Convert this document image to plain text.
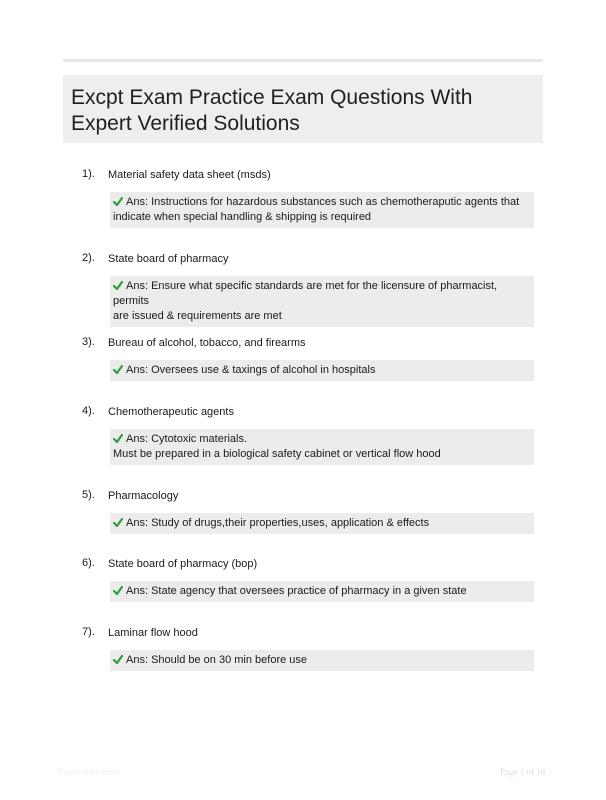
Excpt Exam Practice Exam Questions With Expert Verified Solutions
1). Material safety data sheet (msds)
Ans: Instructions for hazardous substances such as chemotheraputic agents that
indicate when special handling & shipping is required
2). State board of pharmacy
Ans: Ensure what specific standards are met for the licensure of pharmacist, permits
are issued & requirements are met
3). Bureau of alcohol, tobacco, and firearms
Ans: Oversees use & taxings of alcohol in hospitals
4). Chemotherapeutic agents
Ans: Cytotoxic materials.
Must be prepared in a biological safety cabinet or vertical flow hood
5). Pharmacology
Ans: Study of drugs,their properties,uses, application & effects
6). State board of pharmacy (bop)
Ans: State agency that oversees practice of pharmacy in a given state
7). Laminar flow hood
Ans: Should be on 30 min before use
PaperNibs.com	Page 1 of 16
